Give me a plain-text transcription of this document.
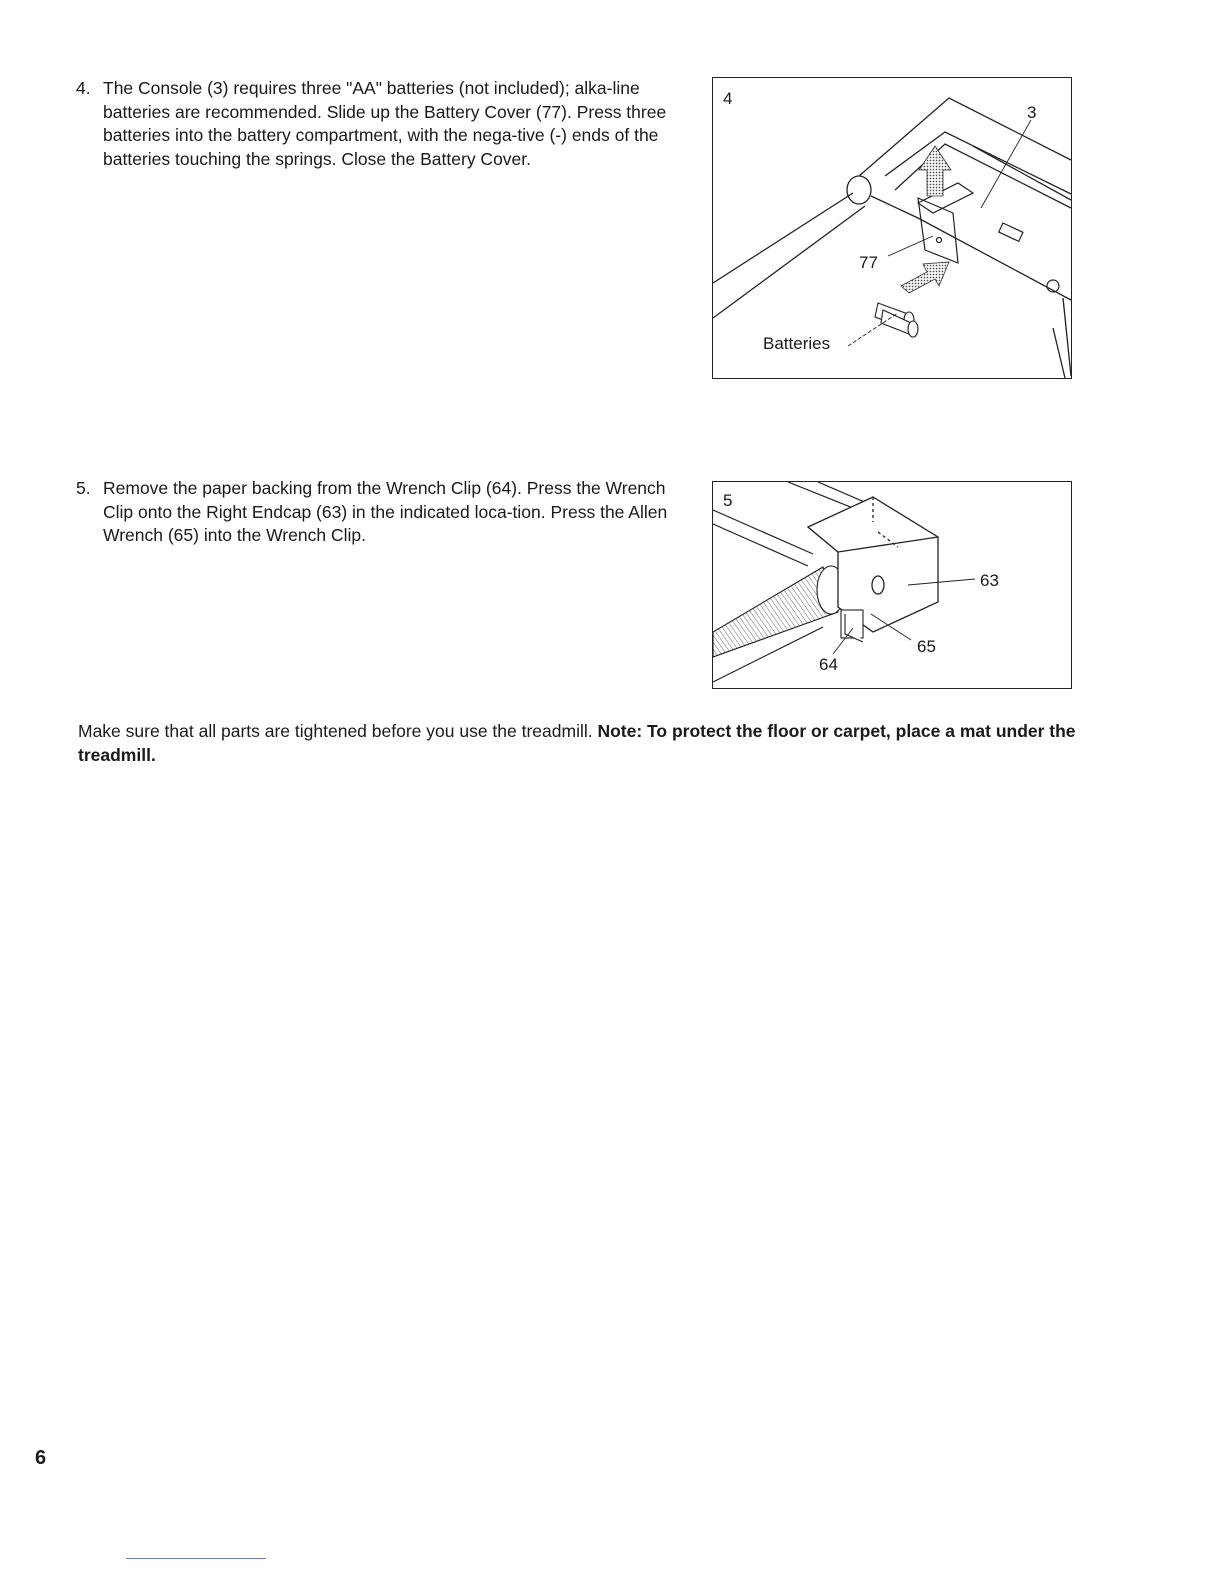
4. The Console (3) requires three "AA" batteries (not included); alka-line batteries are recommended. Slide up the Battery Cover (77). Press three batteries into the battery compartment, with the nega-tive (-) ends of the batteries touching the springs. Close the Battery Cover.
4
3
77
Batteries
5. Remove the paper backing from the Wrench Clip (64). Press the Wrench Clip onto the Right Endcap (63) in the indicated loca-tion. Press the Allen Wrench (65) into the Wrench Clip.
5
63
65
64
Make sure that all parts are tightened before you use the treadmill. Note: To protect the floor or carpet, place a mat under the treadmill.
6
